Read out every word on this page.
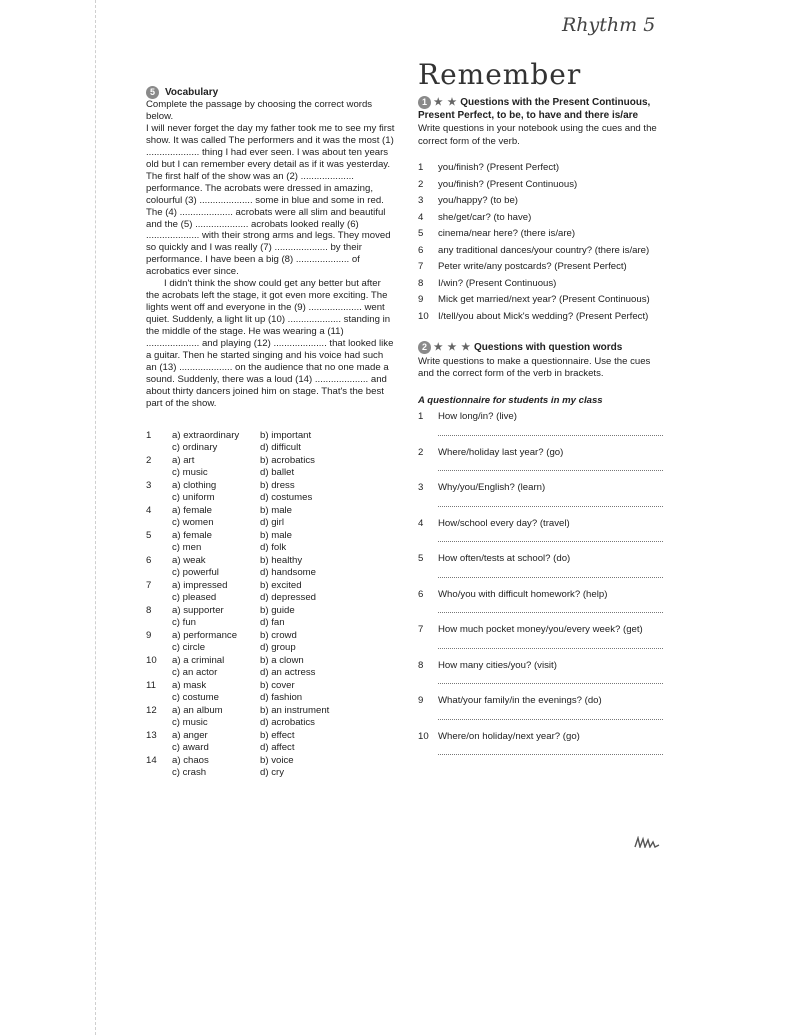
Rhythm 5
Remember
5	Vocabulary
Complete the passage by choosing the correct words below.

I will never forget the day my father took me to see my first show. It was called The performers and it was the most (1) .................... thing I had ever seen. I was about ten years old but I can remember every detail as if it was yesterday. The first half of the show was an (2) .................... performance. The acrobats were dressed in amazing, colourful (3) .................... some in blue and some in red. The (4) .................... acrobats were all slim and beautiful and the (5) .................... acrobats looked really (6) .................... with their strong arms and legs. They moved so quickly and I was really (7) .................... by their performance. I have been a big (8) .................... of acrobatics ever since.

I didn't think the show could get any better but after the acrobats left the stage, it got even more exciting. The lights went off and everyone in the (9) .................... went quiet. Suddenly, a light lit up (10) .................... standing in the middle of the stage. He was wearing a (11) .................... and playing (12) .................... that looked like a guitar. Then he started singing and his voice had such an (13) .................... on the audience that no one made a sound. Suddenly, there was a loud (14) .................... and about thirty dancers joined him on stage. That's the best part of the show.

1	a) extraordinary	b) important
c) ordinary	d) difficult
2	a) art	b) acrobatics
c) music	d) ballet
3	a) clothing	b) dress
c) uniform	d) costumes
4	a) female	b) male
c) women	d) girl
5	a) female	b) male
c) men	d) folk
6	a) weak	b) healthy
c) powerful	d) handsome
7	a) impressed	b) excited
c) pleased	d) depressed
8	a) supporter	b) guide
c) fun	d) fan
9	a) performance	b) crowd
c) circle	d) group
10	a) a criminal	b) a clown
c) an actor	d) an actress
11	a) mask	b) cover
c) costume	d) fashion
12	a) an album	b) an instrument
c) music	d) acrobatics
13	a) anger	b) effect
c) award	d) affect
14	a) chaos	b) voice
c) crash	d) cry
1 ★ ★ Questions with the Present Continuous, Present Perfect, to be, to have and there is/are
Write questions in your notebook using the cues and the correct form of the verb.
1	you/finish? (Present Perfect)
2	you/finish? (Present Continuous)
3	you/happy? (to be)
4	she/get/car? (to have)
5	cinema/near here? (there is/are)
6	any traditional dances/your country? (there is/are)
7	Peter write/any postcards? (Present Perfect)
8	I/win? (Present Continuous)
9	Mick get married/next year? (Present Continuous)
10 I/tell/you about Mick's wedding? (Present Perfect)
2 ★ ★ ★ Questions with question words
Write questions to make a questionnaire. Use the cues and the correct form of the verb in brackets.
A questionnaire for students in my class
1	How long/in? (live)
2	Where/holiday last year? (go)
3	Why/you/English? (learn)
4	How/school every day? (travel)
5	How often/tests at school? (do)
6	Who/you with difficult homework? (help)
7	How much pocket money/you/every week? (get)
8	How many cities/you? (visit)
9	What/your family/in the evenings? (do)
10 Where/on holiday/next year? (go)
